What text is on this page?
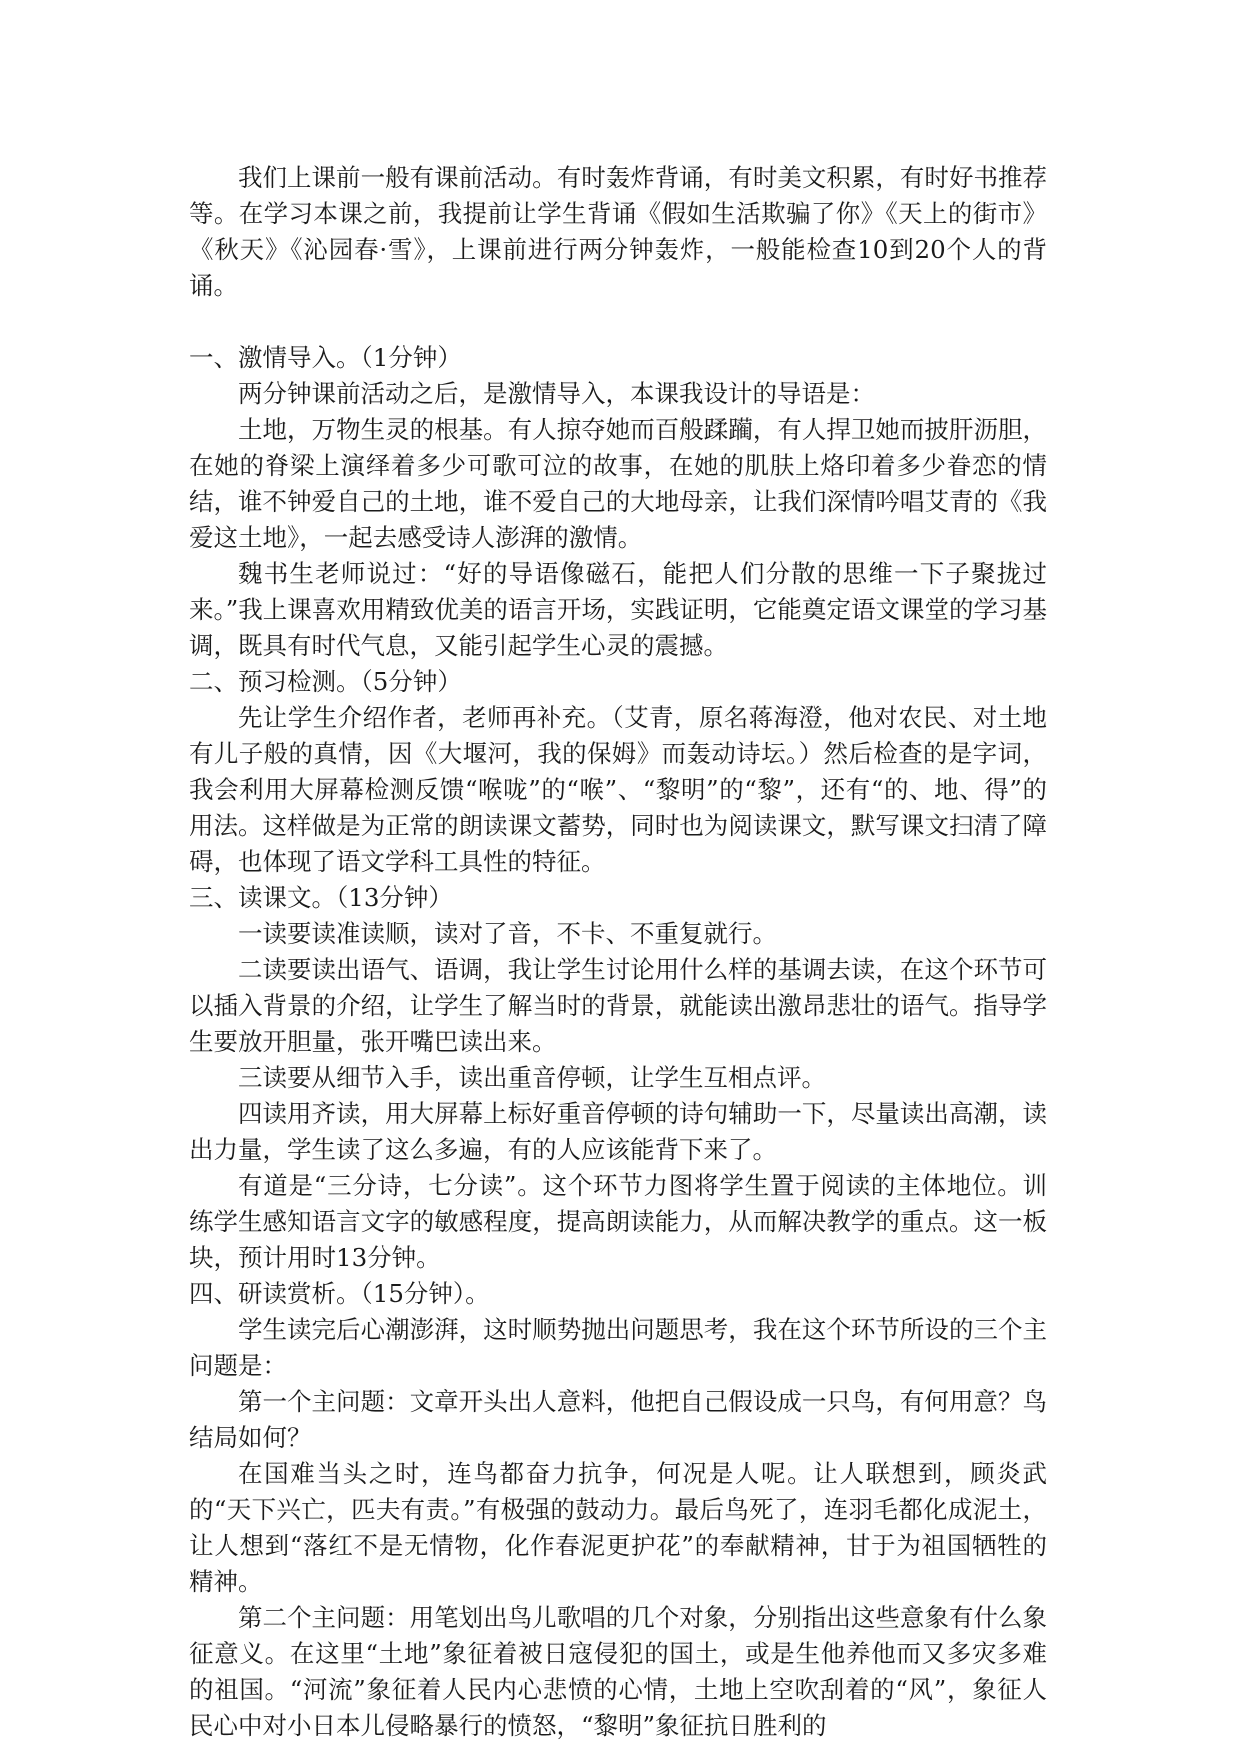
我们上课前一般有课前活动。有时轰炸背诵，有时美文积累，有时好书推荐等。在学习本课之前，我提前让学生背诵《假如生活欺骗了你》《天上的街市》《秋天》《沁园春·雪》，上课前进行两分钟轰炸，一般能检查10到20个人的背诵。

一、激情导入。（1分钟）

两分钟课前活动之后，是激情导入，本课我设计的导语是：

土地，万物生灵的根基。有人掠夺她而百般蹂躏，有人捍卫她而披肝沥胆，在她的脊梁上演绎着多少可歌可泣的故事，在她的肌肤上烙印着多少眷恋的情结，谁不钟爱自己的土地，谁不爱自己的大地母亲，让我们深情吟唱艾青的《我爱这土地》，一起去感受诗人澎湃的激情。

魏书生老师说过：“好的导语像磁石，能把人们分散的思维一下子聚拢过来。”我上课喜欢用精致优美的语言开场，实践证明，它能奠定语文课堂的学习基调，既具有时代气息，又能引起学生心灵的震撼。

二、预习检测。（5分钟）

先让学生介绍作者，老师再补充。（艾青，原名蒋海澄，他对农民、对土地有儿子般的真情，因《大堰河，我的保姆》而轰动诗坛。）然后检查的是字词，我会利用大屏幕检测反馈“喉咙”的“喉”、“黎明”的“黎”，还有“的、地、得”的用法。这样做是为正常的朗读课文蓄势，同时也为阅读课文，默写课文扫清了障碍，也体现了语文学科工具性的特征。

三、读课文。（13分钟）

一读要读准读顺，读对了音，不卡、不重复就行。

二读要读出语气、语调，我让学生讨论用什么样的基调去读，在这个环节可以插入背景的介绍，让学生了解当时的背景，就能读出激昂悲壮的语气。指导学生要放开胆量，张开嘴巴读出来。

三读要从细节入手，读出重音停顿，让学生互相点评。

四读用齐读，用大屏幕上标好重音停顿的诗句辅助一下，尽量读出高潮，读出力量，学生读了这么多遍，有的人应该能背下来了。

有道是“三分诗，七分读”。这个环节力图将学生置于阅读的主体地位。训练学生感知语言文字的敏感程度，提高朗读能力，从而解决教学的重点。这一板块，预计用时13分钟。

四、研读赏析。（15分钟）。

学生读完后心潮澎湃，这时顺势抛出问题思考，我在这个环节所设的三个主问题是：

第一个主问题：文章开头出人意料，他把自己假设成一只鸟，有何用意？鸟结局如何？

在国难当头之时，连鸟都奋力抗争，何况是人呢。让人联想到，顾炎武的“天下兴亡，匹夫有责。”有极强的鼓动力。最后鸟死了，连羽毛都化成泥土，让人想到“落红不是无情物，化作春泥更护花”的奉献精神，甘于为祖国牺牲的精神。

第二个主问题：用笔划出鸟儿歌唱的几个对象，分别指出这些意象有什么象征意义。在这里“土地”象征着被日寇侵犯的国土，或是生他养他而又多灾多难的祖国。“河流”象征着人民内心悲愤的心情，土地上空吹刮着的“风”，象征人民心中对小日本儿侵略暴行的愤怒，“黎明”象征抗日胜利的
